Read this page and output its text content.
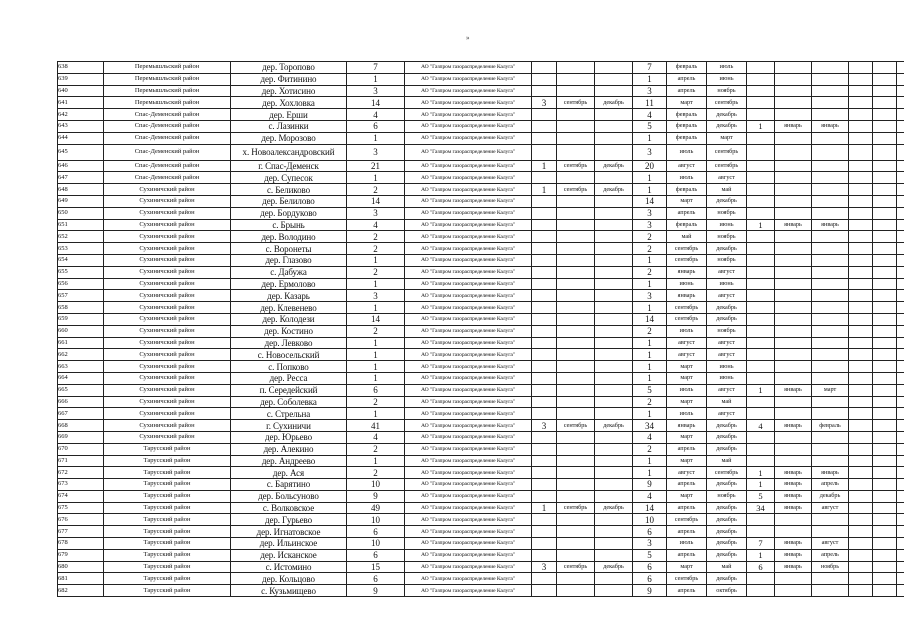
»
638	Перемышльский район	дер. Торопово	7	АО "Газпром газораспределение Калуга"				7	февраль	июль						
639	Перемышльский район	дер. Фитинино	1	АО "Газпром газораспределение Калуга"				1	апрель	июнь						
640	Перемышльский район	дер. Хотисино	3	АО "Газпром газораспределение Калуга"				3	апрель	ноябрь						
641	Перемышльский район	дер. Хохловка	14	АО "Газпром газораспределение Калуга"	3	сентябрь	декабрь	11	март	сентябрь						
642	Спас-Деменский район	дер. Ерши	4	АО "Газпром газораспределение Калуга"				4	февраль	декабрь						
643	Спас-Деменский район	с. Лазинки	6	АО "Газпром газораспределение Калуга"				5	февраль	декабрь	1	январь	январь			
644	Спас-Деменский район	дер. Морозово	1	АО "Газпром газораспределение Калуга"				1	февраль	март						
645	Спас-Деменский район	х. Новоалександровский	3	АО "Газпром газораспределение Калуга"				3	июль	сентябрь						
646	Спас-Деменский район	г. Спас-Деменск	21	АО "Газпром газораспределение Калуга"	1	сентябрь	декабрь	20	август	сентябрь						
647	Спас-Деменский район	дер. Супесок	1	АО "Газпром газораспределение Калуга"				1	июль	август						
648	Сухиничский район	с. Беликово	2	АО "Газпром газораспределение Калуга"	1	сентябрь	декабрь	1	февраль	май						
649	Сухиничский район	дер. Белилово	14	АО "Газпром газораспределение Калуга"				14	март	декабрь						
650	Сухиничский район	дер. Бордуково	3	АО "Газпром газораспределение Калуга"				3	апрель	ноябрь						
651	Сухиничский район	с. Брынь	4	АО "Газпром газораспределение Калуга"				3	февраль	июнь	1	январь	январь			
652	Сухиничский район	дер. Володино	2	АО "Газпром газораспределение Калуга"				2	май	ноябрь						
653	Сухиничский район	с. Воронеты	2	АО "Газпром газораспределение Калуга"				2	сентябрь	декабрь						
654	Сухиничский район	дер. Глазово	1	АО "Газпром газораспределение Калуга"				1	сентябрь	ноябрь						
655	Сухиничский район	с. Дабужа	2	АО "Газпром газораспределение Калуга"				2	январь	август						
656	Сухиничский район	дер. Ермолово	1	АО "Газпром газораспределение Калуга"				1	июнь	июнь						
657	Сухиничский район	дер. Казарь	3	АО "Газпром газораспределение Калуга"				3	январь	август						
658	Сухиничский район	дер. Клевенево	1	АО "Газпром газораспределение Калуга"				1	сентябрь	декабрь						
659	Сухиничский район	дер. Колодези	14	АО "Газпром газораспределение Калуга"				14	сентябрь	декабрь						
660	Сухиничский район	дер. Костино	2	АО "Газпром газораспределение Калуга"				2	июль	ноябрь						
661	Сухиничский район	дер. Левково	1	АО "Газпром газораспределение Калуга"				1	август	август						
662	Сухиничский район	с. Новосельский	1	АО "Газпром газораспределение Калуга"				1	август	август						
663	Сухиничский район	с. Попково	1	АО "Газпром газораспределение Калуга"				1	март	июнь						
664	Сухиничский район	дер. Ресса	1	АО "Газпром газораспределение Калуга"				1	март	июнь						
665	Сухиничский район	п. Середейский	6	АО "Газпром газораспределение Калуга"				5	июль	август	1	январь	март			
666	Сухиничский район	дер. Соболевка	2	АО "Газпром газораспределение Калуга"				2	март	май						
667	Сухиничский район	с. Стрельна	1	АО "Газпром газораспределение Калуга"				1	июль	август						
668	Сухиничский район	г. Сухиничи	41	АО "Газпром газораспределение Калуга"	3	сентябрь	декабрь	34	январь	декабрь	4	январь	февраль			
669	Сухиничский район	дер. Юрьево	4	АО "Газпром газораспределение Калуга"				4	март	декабрь						
670	Тарусский район	дер. Алекино	2	АО "Газпром газораспределение Калуга"				2	апрель	декабрь						
671	Тарусский район	дер. Андреево	1	АО "Газпром газораспределение Калуга"				1	март	май						
672	Тарусский район	дер. Ася	2	АО "Газпром газораспределение Калуга"				1	август	сентябрь	1	январь	январь			
673	Тарусский район	с. Барятино	10	АО "Газпром газораспределение Калуга"				9	апрель	декабрь	1	январь	апрель			
674	Тарусский район	дер. Больсуново	9	АО "Газпром газораспределение Калуга"				4	март	ноябрь	5	январь	декабрь			
675	Тарусский район	с. Волковское	49	АО "Газпром газораспределение Калуга"	1	сентябрь	декабрь	14	апрель	декабрь	34	январь	август			
676	Тарусский район	дер. Гурьево	10	АО "Газпром газораспределение Калуга"				10	сентябрь	декабрь						
677	Тарусский район	дер. Игнатовское	6	АО "Газпром газораспределение Калуга"				6	апрель	декабрь						
678	Тарусский район	дер. Ильинское	10	АО "Газпром газораспределение Калуга"				3	июль	декабрь	7	январь	август			
679	Тарусский район	дер. Исканское	6	АО "Газпром газораспределение Калуга"				5	апрель	декабрь	1	январь	апрель			
680	Тарусский район	с. Истомино	15	АО "Газпром газораспределение Калуга"	3	сентябрь	декабрь	6	март	май	6	январь	ноябрь			
681	Тарусский район	дер. Кольцово	6	АО "Газпром газораспределение Калуга"				6	сентябрь	декабрь						
682	Тарусский район	с. Кузьмищево	9	АО "Газпром газораспределение Калуга"				9	апрель	октябрь						
